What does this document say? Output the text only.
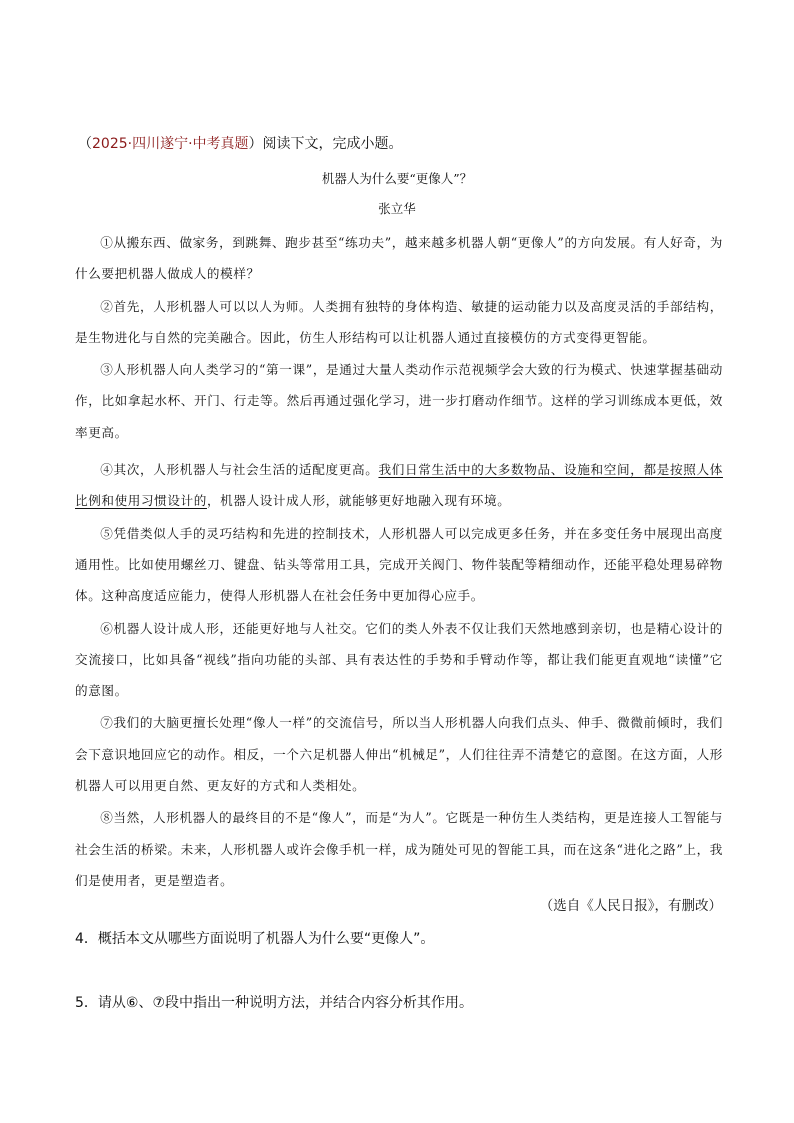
（2025·四川遂宁·中考真题）阅读下文，完成小题。
机器人为什么要“更像人”？
张立华

①从搬东西、做家务，到跳舞、跑步甚至“练功夫”，越来越多机器人朝“更像人”的方向发展。有人好奇，为什么要把机器人做成人的模样？

②首先，人形机器人可以以人为师。人类拥有独特的身体构造、敏捷的运动能力以及高度灵活的手部结构，是生物进化与自然的完美融合。因此，仿生人形结构可以让机器人通过直接模仿的方式变得更智能。

③人形机器人向人类学习的“第一课”，是通过大量人类动作示范视频学会大致的行为模式、快速掌握基础动作，比如拿起水杯、开门、行走等。然后再通过强化学习，进一步打磨动作细节。这样的学习训练成本更低，效率更高。

④其次，人形机器人与社会生活的适配度更高。我们日常生活中的大多数物品、设施和空间，都是按照人体比例和使用习惯设计的，机器人设计成人形，就能够更好地融入现有环境。

⑤凭借类似人手的灵巧结构和先进的控制技术，人形机器人可以完成更多任务，并在多变任务中展现出高度通用性。比如使用螺丝刀、键盘、钻头等常用工具，完成开关阀门、物件装配等精细动作，还能平稳处理易碎物体。这种高度适应能力，使得人形机器人在社会任务中更加得心应手。

⑥机器人设计成人形，还能更好地与人社交。它们的类人外表不仅让我们天然地感到亲切，也是精心设计的交流接口，比如具备“视线”指向功能的头部、具有表达性的手势和手臂动作等，都让我们能更直观地“读懂”它的意图。

⑦我们的大脑更擅长处理“像人一样”的交流信号，所以当人形机器人向我们点头、伸手、微微前倾时，我们会下意识地回应它的动作。相反，一个六足机器人伸出“机械足”，人们往往弄不清楚它的意图。在这方面，人形机器人可以用更自然、更友好的方式和人类相处。

⑧当然，人形机器人的最终目的不是“像人”，而是“为人”。它既是一种仿生人类结构，更是连接人工智能与社会生活的桥梁。未来，人形机器人或许会像手机一样，成为随处可见的智能工具，而在这条“进化之路”上，我们是使用者，更是塑造者。

（选自《人民日报》，有删改）
4．概括本文从哪些方面说明了机器人为什么要“更像人”。
5．请从⑥、⑦段中指出一种说明方法，并结合内容分析其作用。
